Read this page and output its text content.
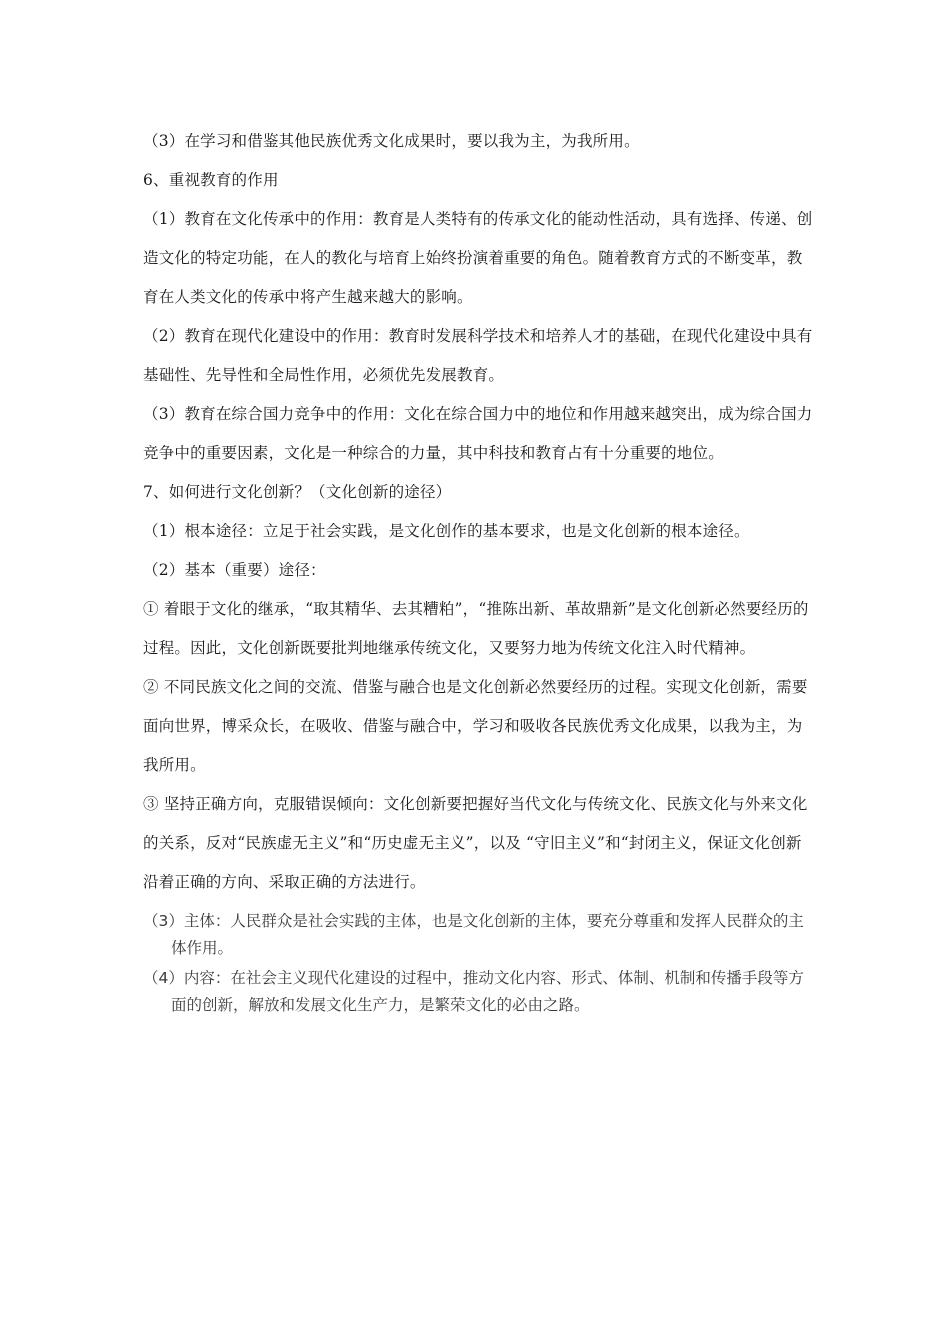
（3）在学习和借鉴其他民族优秀文化成果时，要以我为主，为我所用。

6、重视教育的作用

（1）教育在文化传承中的作用：教育是人类特有的传承文化的能动性活动，具有选择、传递、创造文化的特定功能，在人的教化与培育上始终扮演着重要的角色。随着教育方式的不断变革，教育在人类文化的传承中将产生越来越大的影响。

（2）教育在现代化建设中的作用：教育时发展科学技术和培养人才的基础，在现代化建设中具有基础性、先导性和全局性作用，必须优先发展教育。

（3）教育在综合国力竞争中的作用：文化在综合国力中的地位和作用越来越突出，成为综合国力竞争中的重要因素，文化是一种综合的力量，其中科技和教育占有十分重要的地位。

7、如何进行文化创新？（文化创新的途径）

（1）根本途径：立足于社会实践，是文化创作的基本要求，也是文化创新的根本途径。

（2）基本（重要）途径：

① 着眼于文化的继承，“取其精华、去其糟粕”，“推陈出新、革故鼎新”是文化创新必然要经历的过程。因此，文化创新既要批判地继承传统文化，又要努力地为传统文化注入时代精神。

② 不同民族文化之间的交流、借鉴与融合也是文化创新必然要经历的过程。实现文化创新，需要面向世界，博采众长，在吸收、借鉴与融合中，学习和吸收各民族优秀文化成果，以我为主，为我所用。

③ 坚持正确方向，克服错误倾向：文化创新要把握好当代文化与传统文化、民族文化与外来文化的关系，反对“民族虚无主义”和“历史虚无主义”，以及 “守旧主义”和“封闭主义，保证文化创新沿着正确的方向、采取正确的方法进行。

（3）主体：人民群众是社会实践的主体，也是文化创新的主体，要充分尊重和发挥人民群众的主体作用。

（4）内容：在社会主义现代化建设的过程中，推动文化内容、形式、体制、机制和传播手段等方面的创新，解放和发展文化生产力，是繁荣文化的必由之路。
